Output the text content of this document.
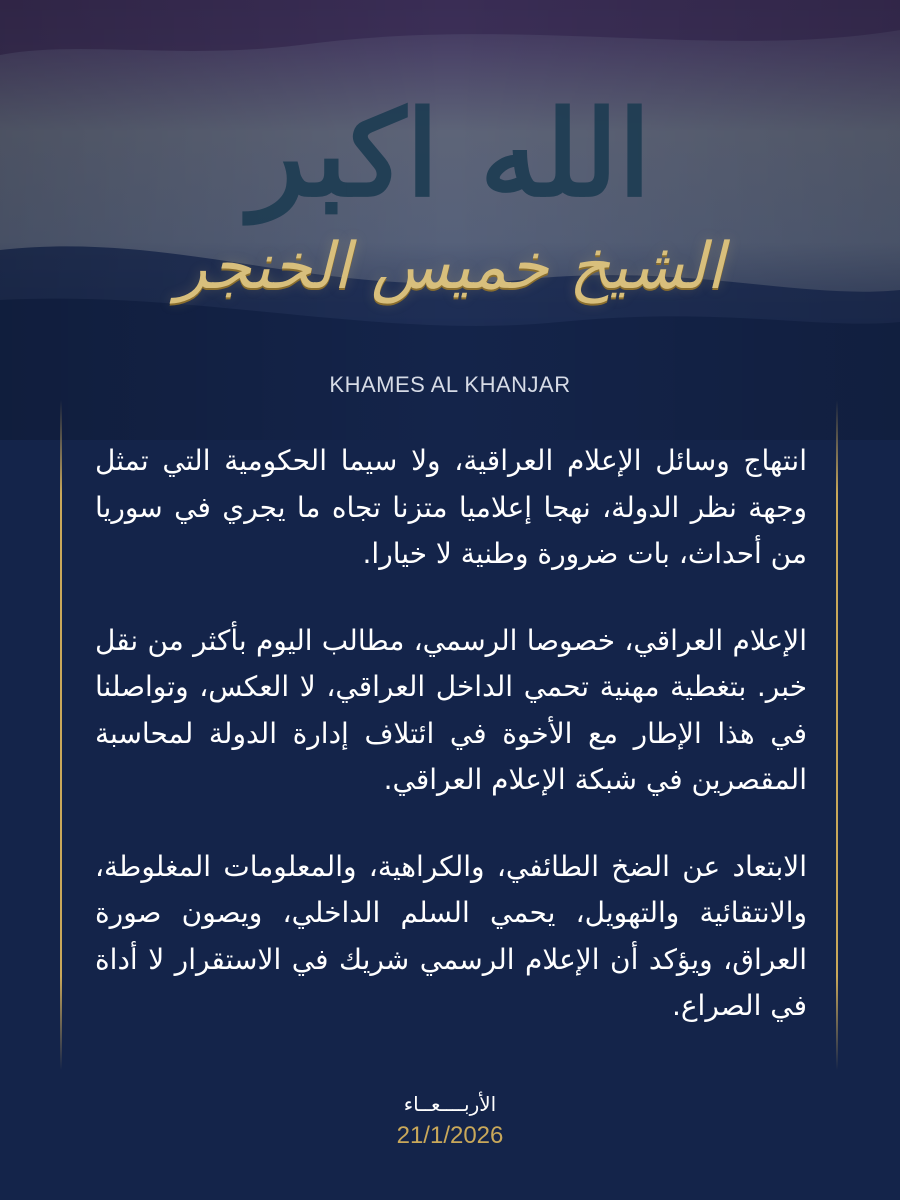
الله اكبر
الشيخ خميس الخنجر
KHAMES AL KHANJAR

انتهاج وسائل الإعلام العراقية، ولا سيما الحكومية التي تمثل وجهة نظر الدولة، نهجا إعلاميا متزنا تجاه ما يجري في سوريا من أحداث، بات ضرورة وطنية لا خيارا.

الإعلام العراقي، خصوصا الرسمي، مطالب اليوم بأكثر من نقل خبر. بتغطية مهنية تحمي الداخل العراقي، لا العكس، وتواصلنا في هذا الإطار مع الأخوة في ائتلاف إدارة الدولة لمحاسبة المقصرين في شبكة الإعلام العراقي.

الابتعاد عن الضخ الطائفي، والكراهية، والمعلومات المغلوطة، والانتقائية والتهويل، يحمي السلم الداخلي، ويصون صورة العراق، ويؤكد أن الإعلام الرسمي شريك في الاستقرار لا أداة في الصراع.

الأربــــعــاء
21/1/2026
